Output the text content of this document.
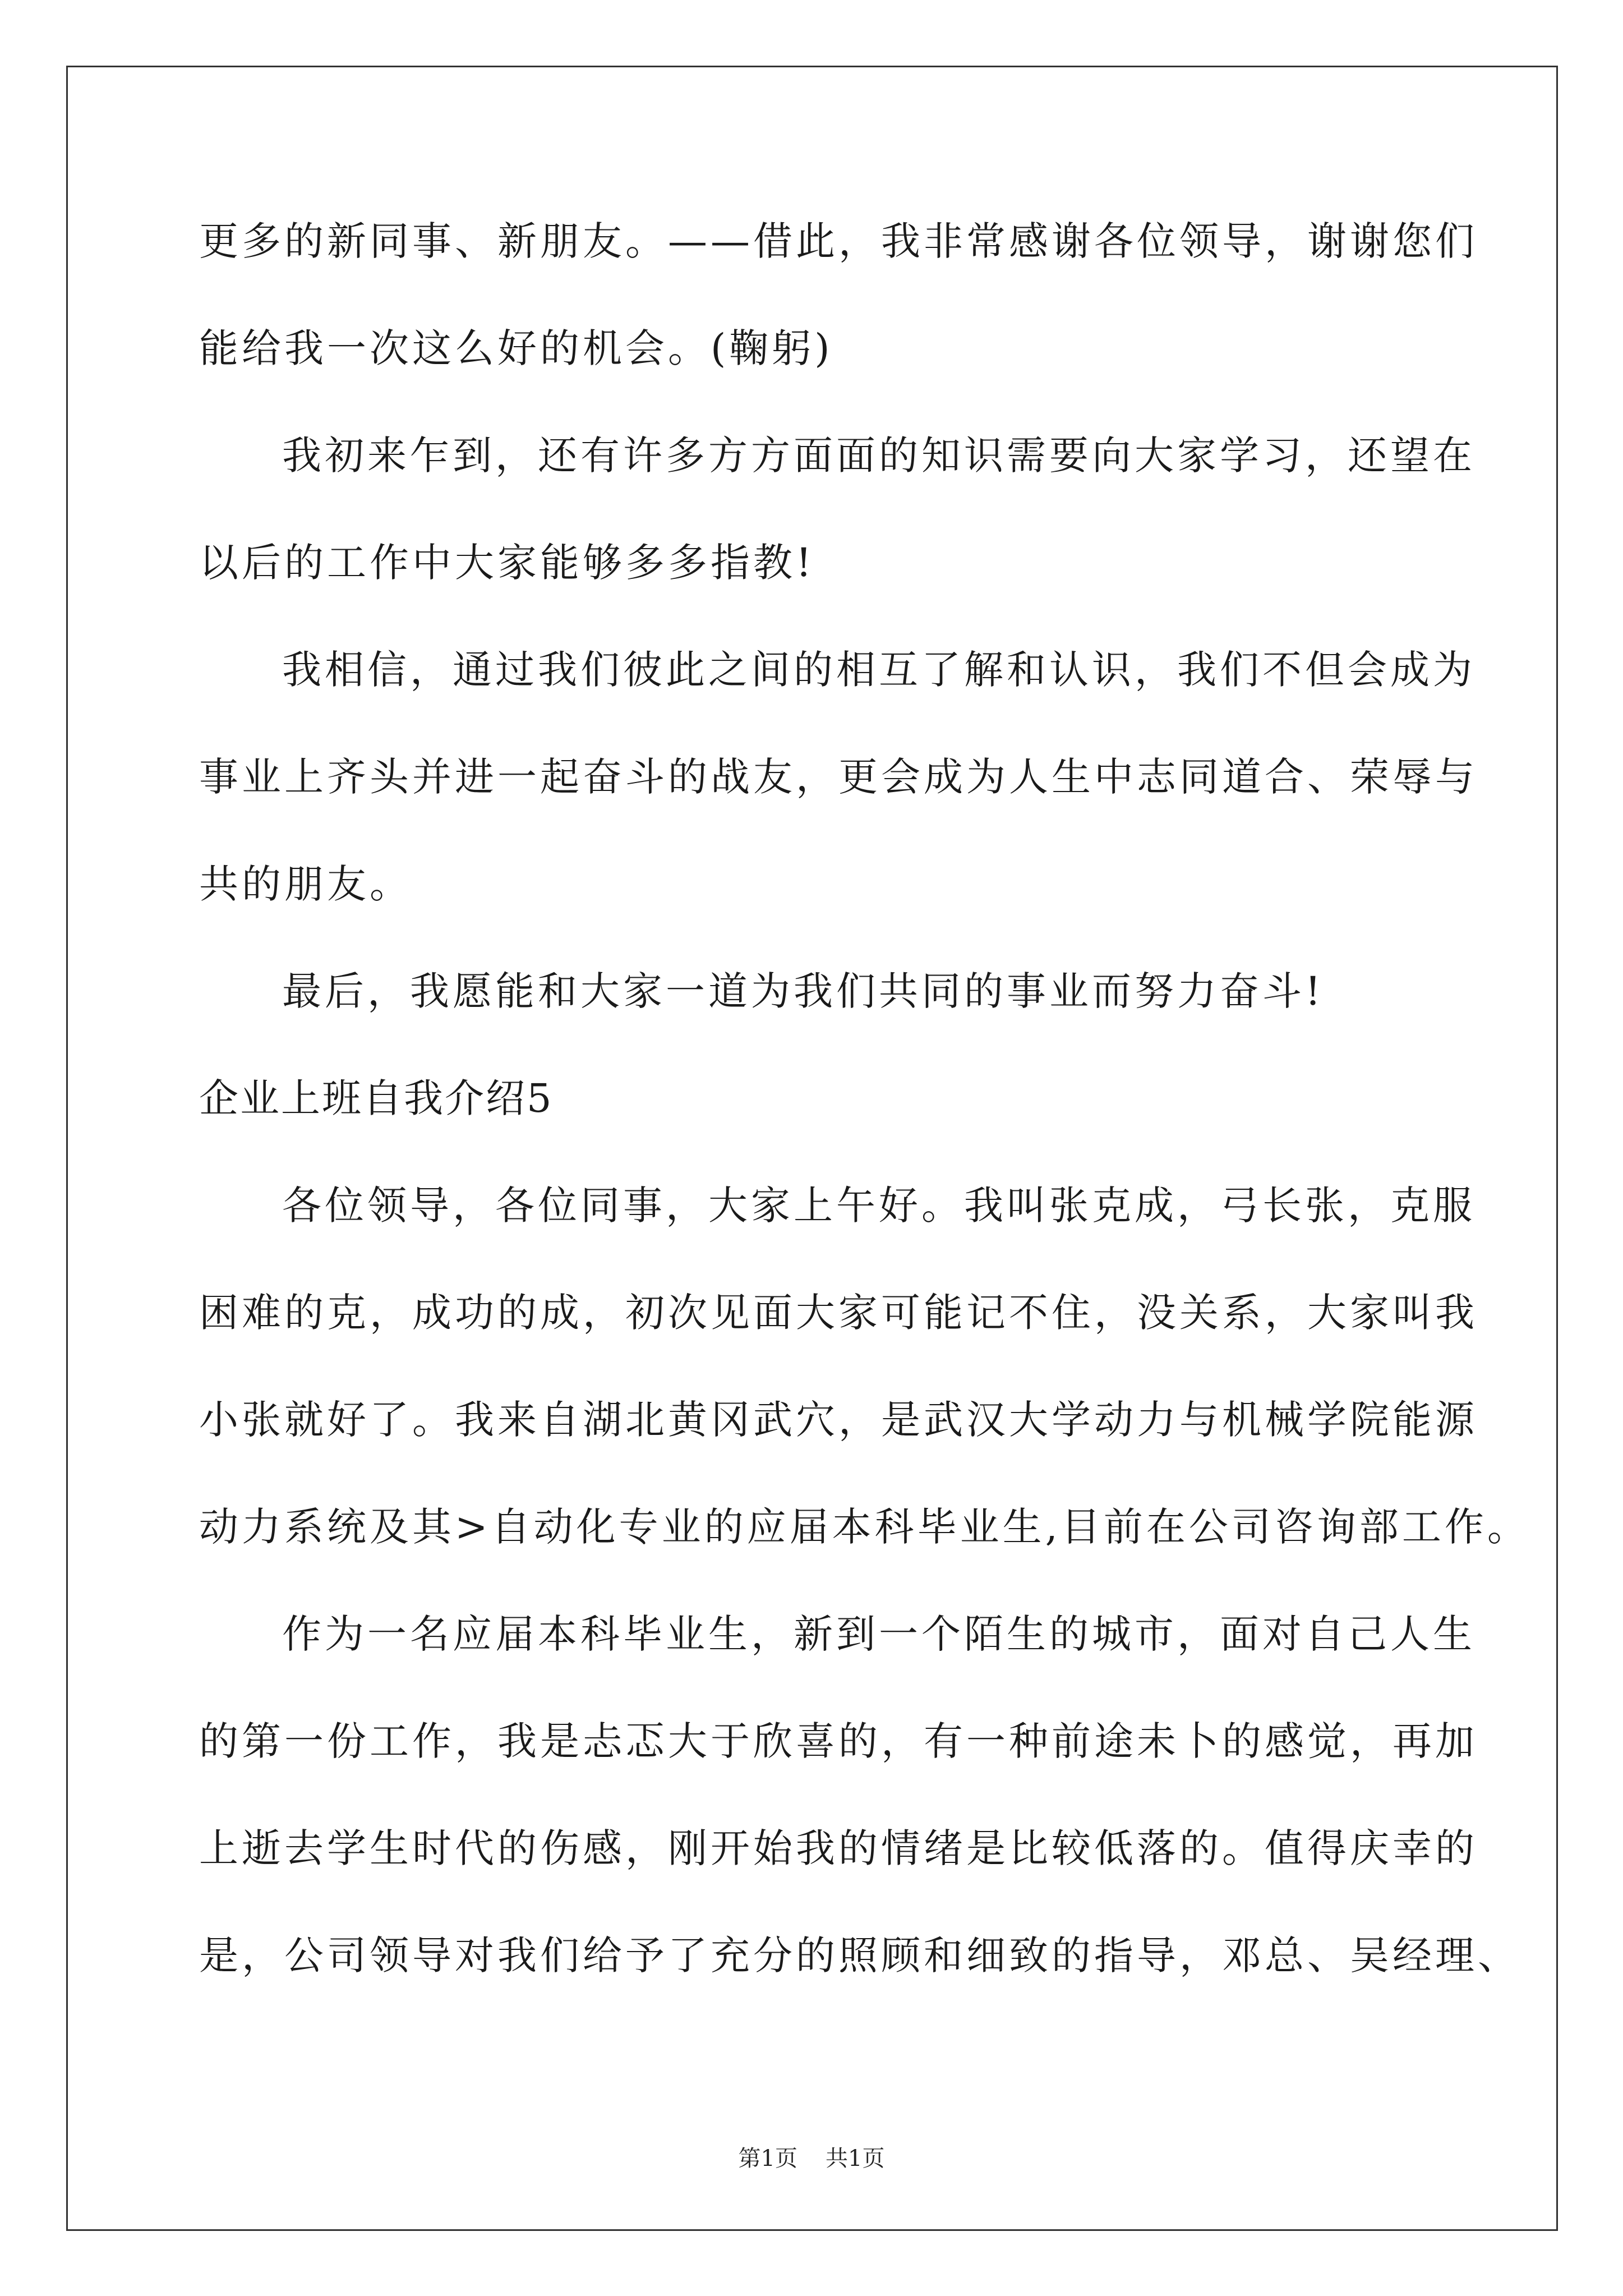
更多的新同事、新朋友。——借此，我非常感谢各位领导，谢谢您们
能给我一次这么好的机会。(鞠躬)
我初来乍到，还有许多方方面面的知识需要向大家学习，还望在
以后的工作中大家能够多多指教!
我相信，通过我们彼此之间的相互了解和认识，我们不但会成为
事业上齐头并进一起奋斗的战友，更会成为人生中志同道合、荣辱与
共的朋友。
最后，我愿能和大家一道为我们共同的事业而努力奋斗!
企业上班自我介绍5
各位领导，各位同事，大家上午好。我叫张克成，弓长张，克服
困难的克，成功的成，初次见面大家可能记不住，没关系，大家叫我
小张就好了。我来自湖北黄冈武穴，是武汉大学动力与机械学院能源
动力系统及其>自动化专业的应届本科毕业生,目前在公司咨询部工作。
作为一名应届本科毕业生，新到一个陌生的城市，面对自己人生
的第一份工作，我是忐忑大于欣喜的，有一种前途未卜的感觉，再加
上逝去学生时代的伤感，刚开始我的情绪是比较低落的。值得庆幸的
是，公司领导对我们给予了充分的照顾和细致的指导，邓总、吴经理、
第1页 共1页
